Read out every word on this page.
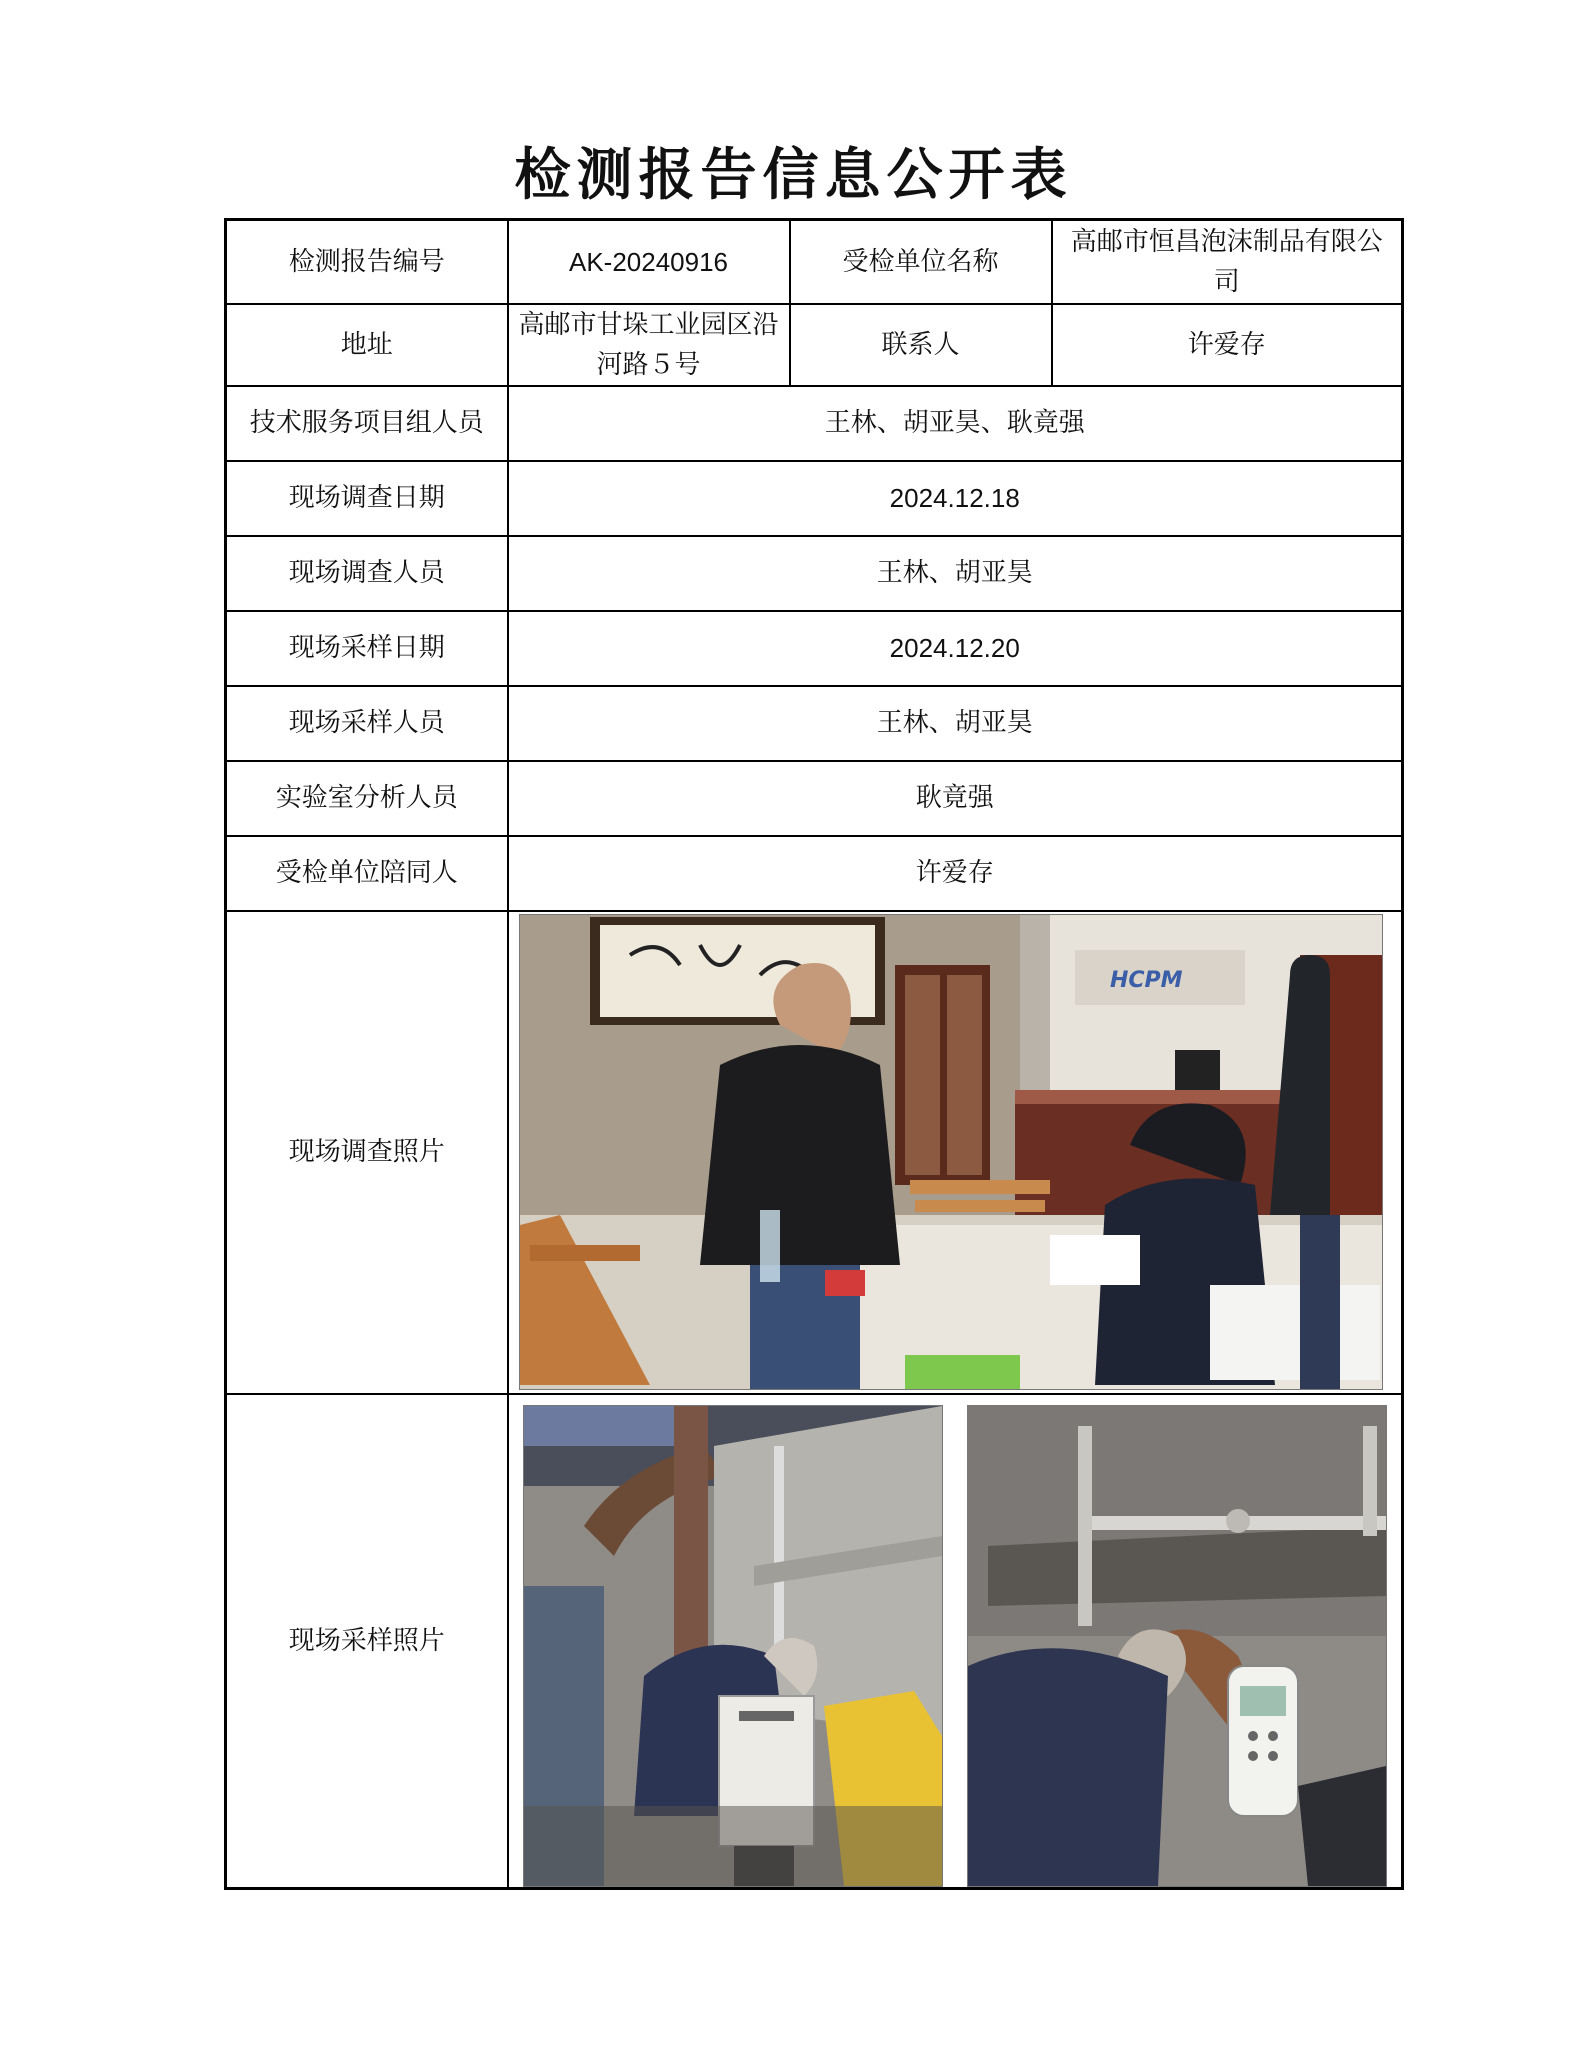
检测报告信息公开表
检测报告编号	AK-20240916	受检单位名称	高邮市恒昌泡沫制品有限公司
地址	高邮市甘垛工业园区沿河路５号	联系人	许爱存
技术服务项目组人员	王林、胡亚昊、耿竟强		
现场调查日期	2024.12.18		
现场调查人员	王林、胡亚昊		
现场采样日期	2024.12.20		
现场采样人员	王林、胡亚昊		
实验室分析人员	耿竟强		
受检单位陪同人	许爱存		
现场调查照片	HCPM		

现场采样照片	
